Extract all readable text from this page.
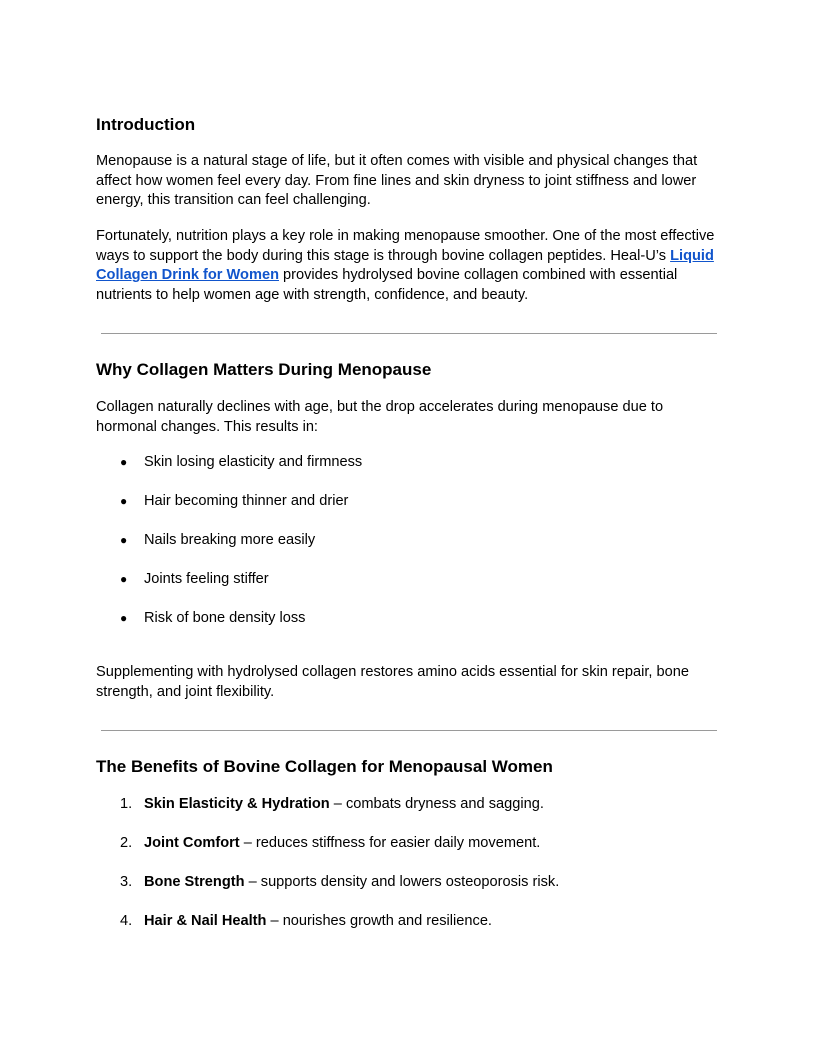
Introduction

Menopause is a natural stage of life, but it often comes with visible and physical changes that affect how women feel every day. From fine lines and skin dryness to joint stiffness and lower energy, this transition can feel challenging.

Fortunately, nutrition plays a key role in making menopause smoother. One of the most effective ways to support the body during this stage is through bovine collagen peptides. Heal-U’s Liquid Collagen Drink for Women provides hydrolysed bovine collagen combined with essential nutrients to help women age with strength, confidence, and beauty.

Why Collagen Matters During Menopause

Collagen naturally declines with age, but the drop accelerates during menopause due to hormonal changes. This results in:

● Skin losing elasticity and firmness
● Hair becoming thinner and drier
● Nails breaking more easily
● Joints feeling stiffer
● Risk of bone density loss

Supplementing with hydrolysed collagen restores amino acids essential for skin repair, bone strength, and joint flexibility.

The Benefits of Bovine Collagen for Menopausal Women
1. Skin Elasticity & Hydration – combats dryness and sagging.
2. Joint Comfort – reduces stiffness for easier daily movement.
3. Bone Strength – supports density and lowers osteoporosis risk.
4. Hair & Nail Health – nourishes growth and resilience.
